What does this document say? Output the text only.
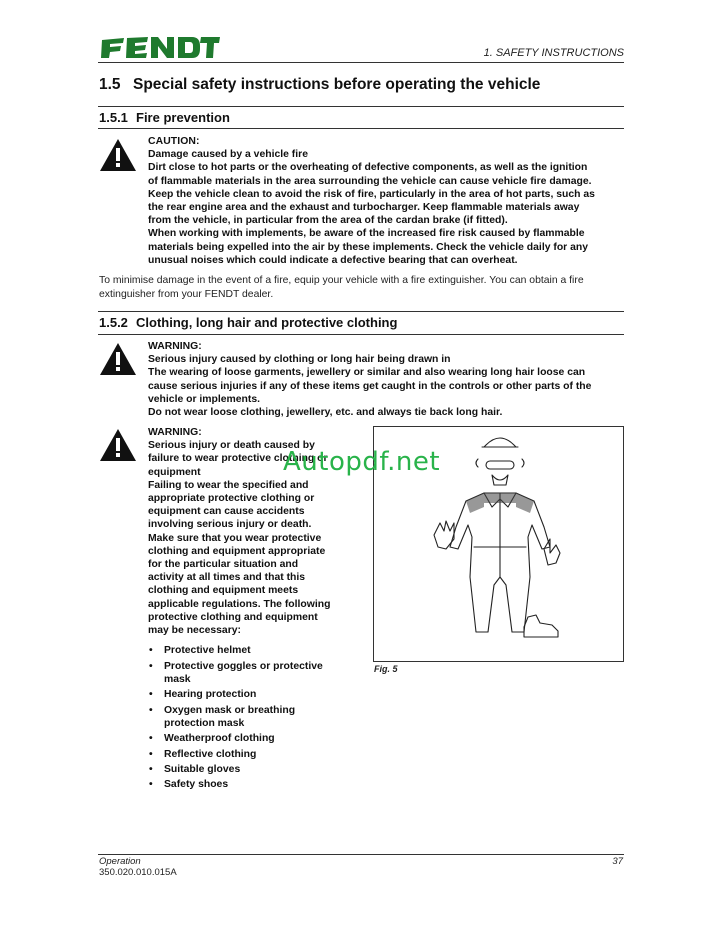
1. SAFETY INSTRUCTIONS
1.5 Special safety instructions before operating the vehicle
1.5.1 Fire prevention

CAUTION:

Damage caused by a vehicle fire

Dirt close to hot parts or the overheating of defective components, as well as the ignition

of flammable materials in the area surrounding the vehicle can cause vehicle fire damage.

Keep the vehicle clean to avoid the risk of fire, particularly in the area of hot parts, such as

the rear engine area and the exhaust and turbocharger. Keep flammable materials away

from the vehicle, in particular from the area of the cardan brake (if fitted).

When working with implements, be aware of the increased fire risk caused by flammable

materials being expelled into the air by these implements. Check the vehicle daily for any

unusual noises which could indicate a defective bearing that can overheat.

To minimise damage in the event of a fire, equip your vehicle with a fire extinguisher. You can obtain a fire
extinguisher from your FENDT dealer.
1.5.2 Clothing, long hair and protective clothing

WARNING:

Serious injury caused by clothing or long hair being drawn in

The wearing of loose garments, jewellery or similar and also wearing long hair loose can

cause serious injuries if any of these items get caught in the controls or other parts of the

vehicle or implements.

Do not wear loose clothing, jewellery, etc. and always tie back long hair.

WARNING:

Serious injury or death caused by

failure to wear protective clothing or

equipment

Failing to wear the specified and

appropriate protective clothing or

equipment can cause accidents

involving serious injury or death.

Make sure that you wear protective

clothing and equipment appropriate

for the particular situation and

activity at all times and that this

clothing and equipment meets

applicable regulations. The following

protective clothing and equipment

may be necessary:

• Protective helmet
• Protective goggles or protective
mask
• Hearing protection
• Oxygen mask or breathing
protection mask
• Weatherproof clothing
• Reflective clothing
• Suitable gloves
• Safety shoes
Fig. 5
Autopdf.net
Operation
350.020.010.015A
37
